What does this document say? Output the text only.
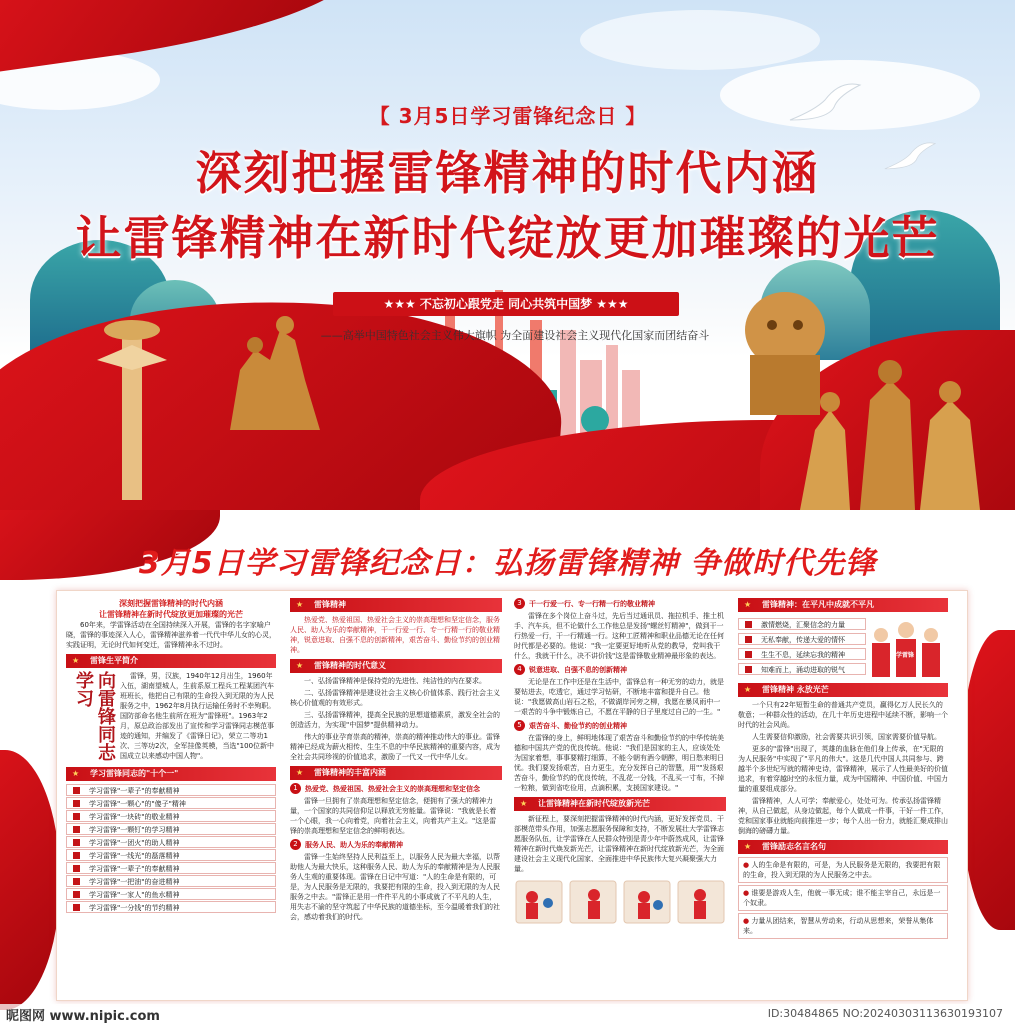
【 3月5日学习雷锋纪念日 】
深刻把握雷锋精神的时代内涵
让雷锋精神在新时代绽放更加璀璨的光芒
★★★ 不忘初心跟党走 同心共筑中国梦 ★★★
——高举中国特色社会主义伟大旗帜 为全面建设社会主义现代化国家而团结奋斗
3月5日学习雷锋纪念日：弘扬雷锋精神 争做时代先锋
深刻把握雷锋精神的时代内涵
让雷锋精神在新时代绽放更加璀璨的光芒
60年来，学雷锋活动在全国持续深入开展，雷锋的名字家喻户晓，雷锋的事迹深入人心，雷锋精神滋养着一代代中华儿女的心灵，实践证明，无论时代如何变迁，雷锋精神永不过时。
★ 雷锋生平简介
向雷锋同志学习	雷锋，男，汉族，1940年12月出生，1960年入伍，湖南望城人，生前系原工程兵工程某团汽车班班长，他把自己有限的生命投入到无限的为人民服务之中，1962年8月执行运输任务时不幸殉职。国防部命名他生前所在班为"雷锋班"。1963年2月，原总政治部发出了宣传和学习雷锋同志模范事迹的通知，并编发了《雷锋日记》，荣立二等功1次、三等功2次，全军挂像英模，当选"100位新中国成立以来感动中国人物"。
★ 学习雷锋同志的"十个一"
学习雷锋"一辈子"的奉献精神
学习雷锋"一颗心"的"傻子"精神
学习雷锋"一块砖"的敬业精神
学习雷锋"一颗钉"的学习精神
学习雷锋"一团火"的助人精神
学习雷锋"一线光"的磊落精神
学习雷锋"一辈子"的奉献精神
学习雷锋"一把油"的奋进精神
学习雷锋"一家人"的鱼水精神
学习雷锋"一分钱"的节约精神
★ 雷锋精神
热爱党、热爱祖国、热爱社会主义的崇高理想和坚定信念，服务人民、助人为乐的奉献精神，干一行爱一行、专一行精一行的敬业精神，锐意进取、自强不息的创新精神，艰苦奋斗、勤俭节约的创业精神。
★ 雷锋精神的时代意义
一、弘扬雷锋精神是保持党的先进性、纯洁性的内在要求。
二、弘扬雷锋精神是建设社会主义核心价值体系、践行社会主义核心价值观的有效形式。
三、弘扬雷锋精神，提高全民族的思想道德素质，激发全社会的创造活力，为实现"中国梦"提供精神动力。
伟大的事业孕育崇高的精神，崇高的精神推动伟大的事业。雷锋精神已经成为薪火相传、生生不息的中华民族精神的重要内容，成为全社会共同珍视的价值追求，激励了一代又一代中华儿女。
★ 雷锋精神的丰富内涵
1	热爱党、热爱祖国、热爱社会主义的崇高理想和坚定信念
雷锋一旦拥有了崇高理想和坚定信念，便拥有了强大的精神力量，一个国家的共同信仰足以释放无穷能量。雷锋说："我就是长着一个心眼，我一心向着党，向着社会主义，向着共产主义。"这是雷锋的崇高理想和坚定信念的鲜明表达。
2	服务人民、助人为乐的奉献精神
雷锋一生始终坚持人民利益至上，以服务人民为最大幸福，以帮助他人为最大快乐，这种服务人民、助人为乐的奉献精神是为人民服务人生观的重要体现。雷锋在日记中写道："人的生命是有限的，可是，为人民服务是无限的，我要把有限的生命，投入到无限的为人民服务之中去。"雷锋正是用一件件平凡的小事成就了不平凡的人生，用失志不渝的坚守筑起了中华民族的道德坐标，至今温暖着我们的社会，感动着我们的时代。
3	干一行爱一行、专一行精一行的敬业精神
雷锋在多个岗位上奋斗过，先后当过通讯员、拖拉机手、推土机手、汽车兵，但不论做什么工作他总是发扬"螺丝钉精神"，做到干一行热爱一行，干一行精通一行。这种工匠精神和职业品德无论在任何时代都是必要的。他说："我一定要更好地听从党的教导，党叫我干什么，我就干什么，决不讲价钱"这是雷锋敬业精神最形象的表达。
4	锐意进取、自强不息的创新精神
无论是在工作中还是在生活中，雷锋总有一种无穷的动力，就是要钻进去，吃透它，通过学习钻研，不断地丰富和提升自己。他说："我愿做高山岩石之松，不做湖岸河旁之柳，我愿在暴风雨中一一艰苦的斗争中锻炼自己，不愿在平静的日子里度过自己的一生。"
5	艰苦奋斗、勤俭节约的创业精神
在雷锋的身上，鲜明地体现了艰苦奋斗和勤俭节约的中华传统美德和中国共产党的优良传统。他说："我们是国家的主人，应该处处为国家着想，事事要精打细算，不能今朝有酒今朝醉，明日愁来明日忧。我们要发扬艰苦，自力更生，充分发挥自己的智慧，用""发扬艰苦奋斗，勤俭节约的优良传统，不乱花一分钱，不乱买一寸布，不掉一粒粮，做到省吃俭用，点滴积累，支援国家建设。"
★ 让雷锋精神在新时代绽放新光芒
新征程上，要深刻把握雷锋精神的时代内涵，更好发挥党员、干部模范带头作用，加强志愿服务保障和支持，不断发展壮大学雷锋志愿服务队伍，让学雷锋在人民群众特别是青少年中蔚然成风，让雷锋精神在新时代焕发新光芒，让雷锋精神在新时代绽放新光芒，为全面建设社会主义现代化国家、全面推进中华民族伟大复兴凝聚强大力量。
★ 雷锋精神：在平凡中成就不平凡
激情燃烧，汇聚信念的力量
无私奉献，传递大爱的情怀
生生不息，延续忘我的精神
知难而上，涌动进取的锐气
学雷锋
★ 雷锋精神 永放光芒
一个只有22年短暂生命的普通共产党员，赢得亿万人民长久的敬意；一种群众性的活动，在几十年历史进程中延续不断，影响一个时代的社会风尚。
人生需要信仰激励，社会需要共识引领，国家需要价值导航。
更多的"雷锋"出现了，英雄的血脉在他们身上传承，在"无限的为人民服务"中实现了"平凡的伟大"。这是几代中国人共同参与、跨越半个多世纪写就的精神史诗，雷锋精神，展示了人性最美好的价值追求，有着穿越时空的永恒力量，成为中国精神、中国价值、中国力量的重要组成部分。
雷锋精神，人人可学；奉献爱心，处处可为。传承弘扬雷锋精神，从自己做起，从身边做起，每个人做成一件事，干好一件工作，党和国家事业就能向前推进一步；每个人出一份力，就能汇聚成排山倒海的磅礴力量。
★ 雷锋励志名言名句
● 人的生命是有限的，可是，为人民服务是无限的，我要把有限的生命，投入到无限的为人民服务之中去。
● 谁要是游戏人生，他就一事无成；谁不能主宰自己，永远是一个奴隶。
● 力量从团结来，智慧从劳动来，行动从思想来，荣誉从集体来。
昵图网 www.nipic.com	ID:30484865 NO:20240303113630193107
